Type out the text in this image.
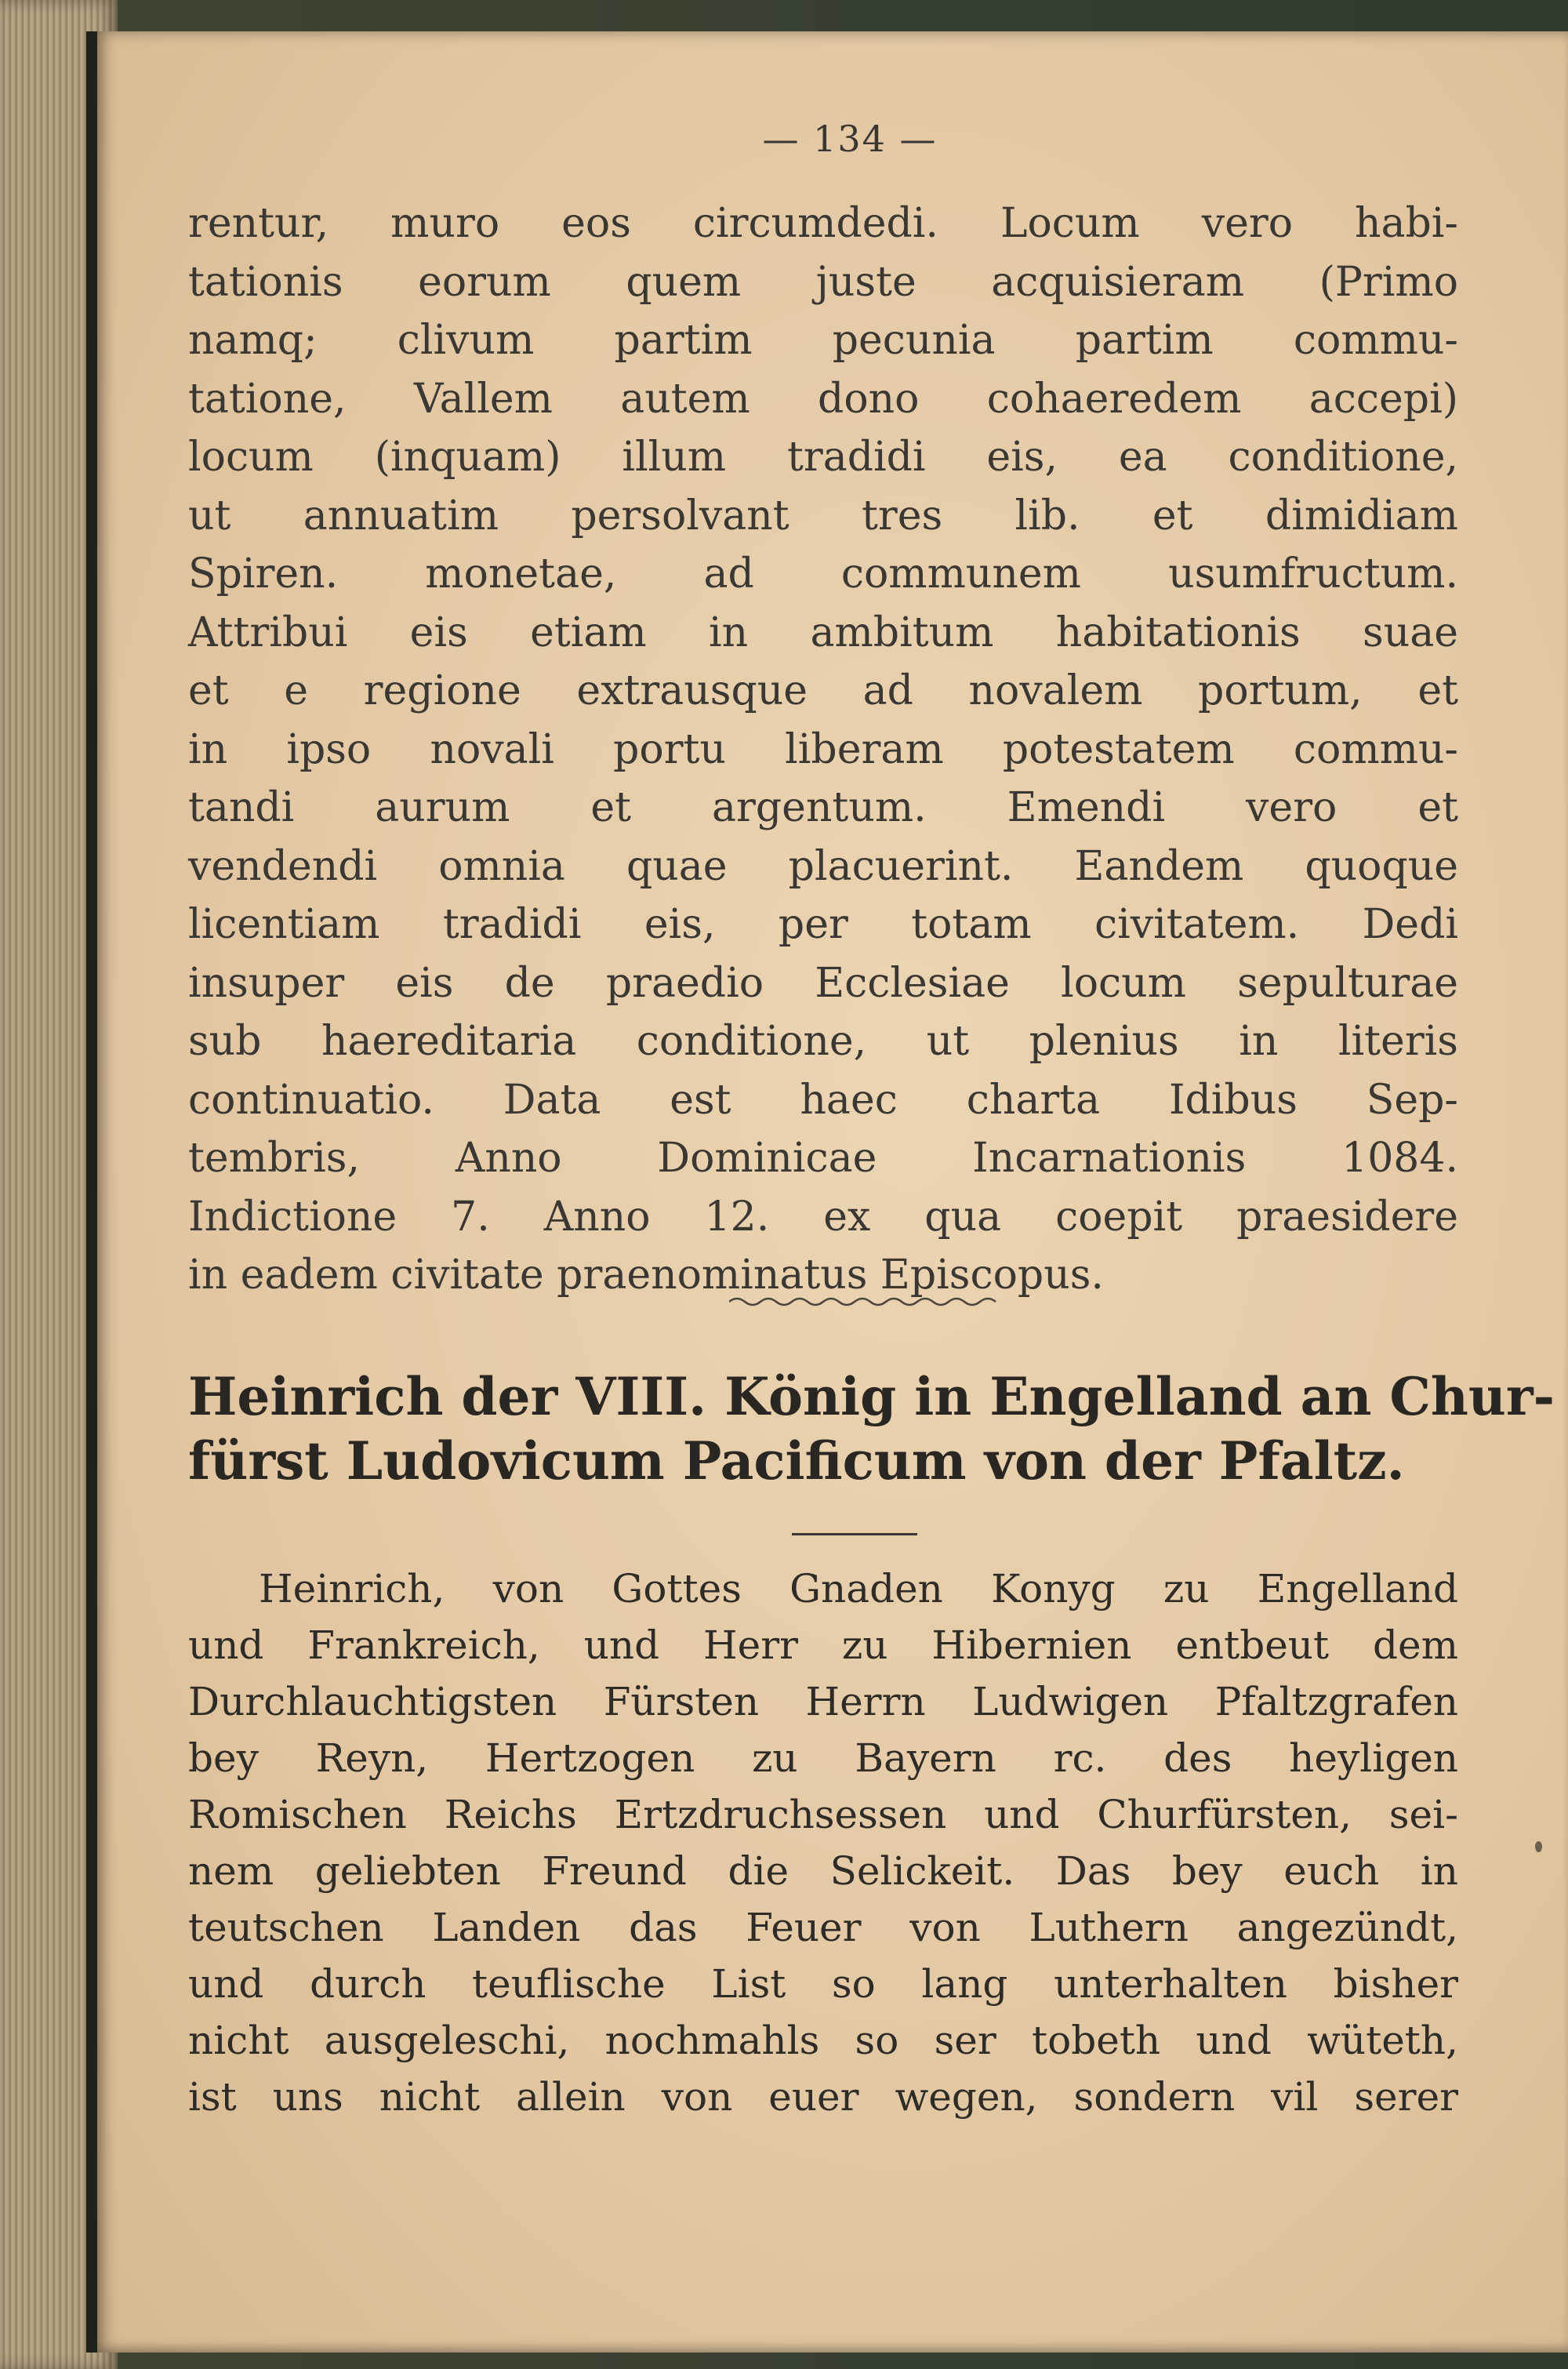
— 134 —
rentur, muro eos circumdedi. Locum vero habi-
tationis eorum quem juste acquisieram (Primo
namq; clivum partim pecunia partim commu-
tatione, Vallem autem dono cohaeredem accepi)
locum (inquam) illum tradidi eis, ea conditione,
ut annuatim persolvant tres lib. et dimidiam
Spiren. monetae, ad communem usumfructum.
Attribui eis etiam in ambitum habitationis suae
et e regione extrausque ad novalem portum, et
in ipso novali portu liberam potestatem commu-
tandi aurum et argentum. Emendi vero et
vendendi omnia quae placuerint. Eandem quoque
licentiam tradidi eis, per totam civitatem. Dedi
insuper eis de praedio Ecclesiae locum sepulturae
sub haereditaria conditione, ut plenius in literis
continuatio. Data est haec charta Idibus Sep-
tembris, Anno Dominicae Incarnationis 1084.
Indictione 7. Anno 12. ex qua coepit praesidere
in eadem civitate praenominatus Episcopus.
Heinrich der VIII. König in Engelland an Chur-
fürst Ludovicum Pacificum von der Pfaltz.
Heinrich, von Gottes Gnaden Konyg zu Engelland
und Frankreich, und Herr zu Hibernien entbeut dem
Durchlauchtigsten Fürsten Herrn Ludwigen Pfaltzgrafen
bey Reyn, Hertzogen zu Bayern rc. des heyligen
Romischen Reichs Ertzdruchsessen und Churfürsten, sei-
nem geliebten Freund die Selickeit. Das bey euch in
teutschen Landen das Feuer von Luthern angezündt,
und durch teuflische List so lang unterhalten bisher
nicht ausgeleschi, nochmahls so ser tobeth und wüteth,
ist uns nicht allein von euer wegen, sondern vil serer
